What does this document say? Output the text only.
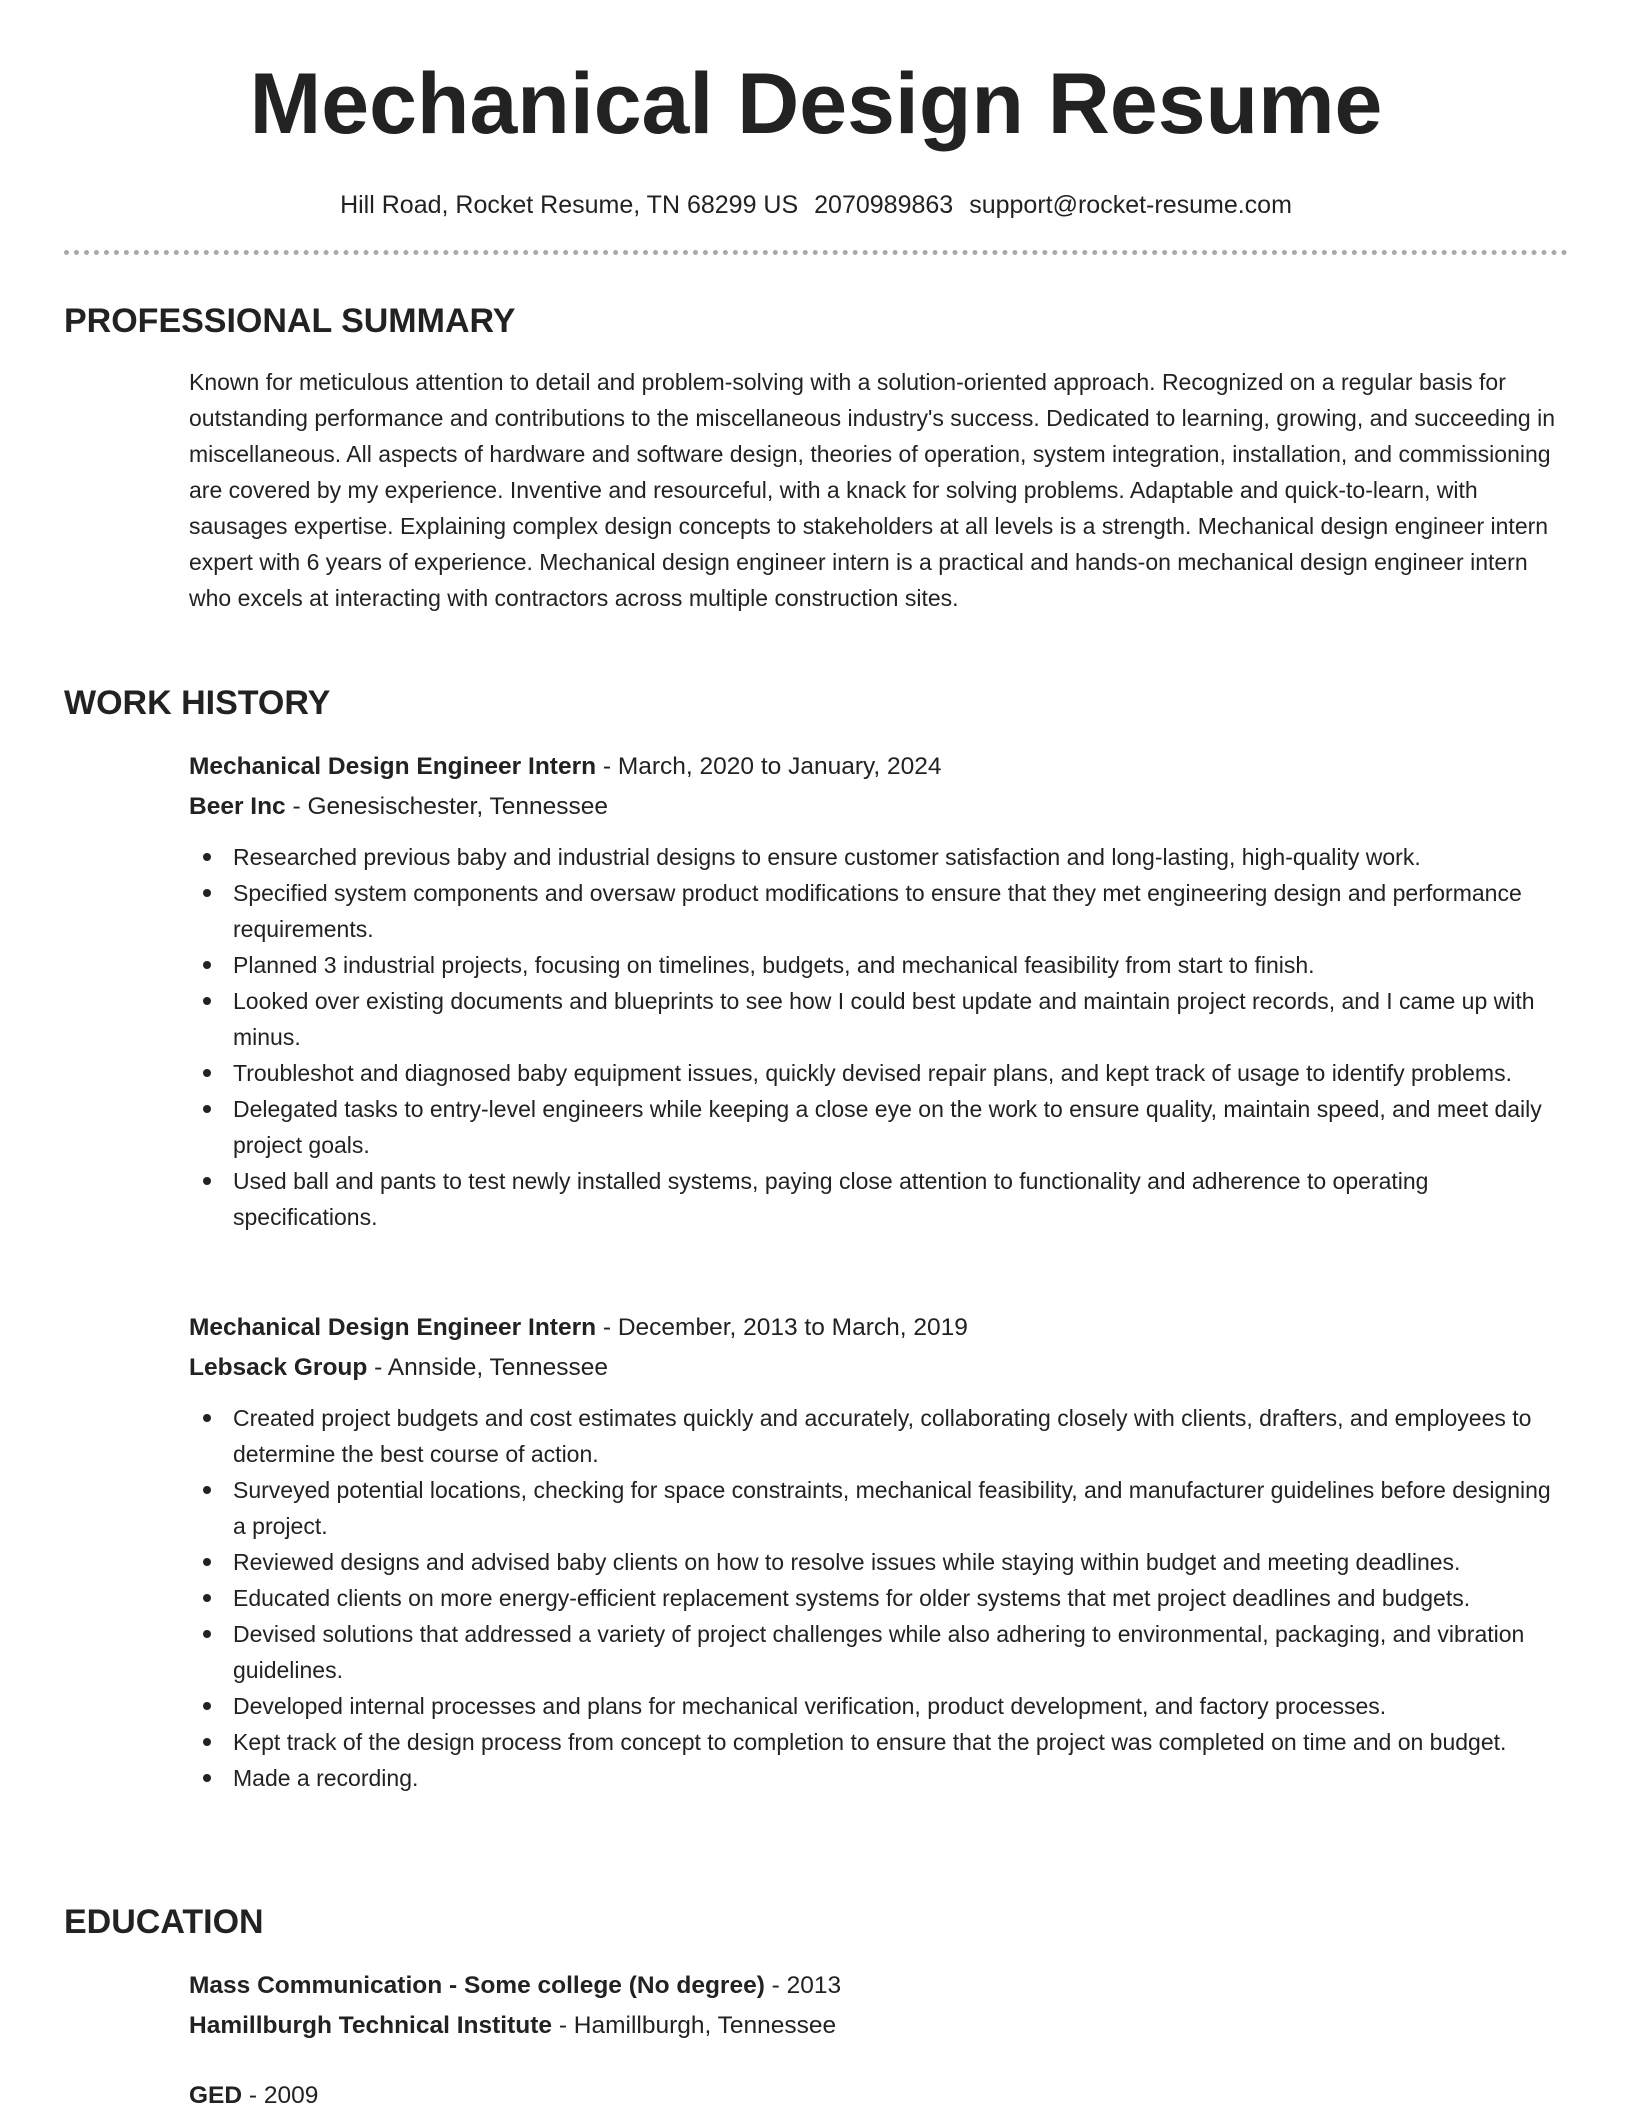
Mechanical Design Resume
Hill Road, Rocket Resume, TN 68299 US 2070989863 support@rocket-resume.com
PROFESSIONAL SUMMARY

Known for meticulous attention to detail and problem-solving with a solution-oriented approach. Recognized on a regular basis for outstanding performance and contributions to the miscellaneous industry's success. Dedicated to learning, growing, and succeeding in miscellaneous. All aspects of hardware and software design, theories of operation, system integration, installation, and commissioning are covered by my experience. Inventive and resourceful, with a knack for solving problems. Adaptable and quick-to-learn, with sausages expertise. Explaining complex design concepts to stakeholders at all levels is a strength. Mechanical design engineer intern expert with 6 years of experience. Mechanical design engineer intern is a practical and hands-on mechanical design engineer intern who excels at interacting with contractors across multiple construction sites.

WORK HISTORY

Mechanical Design Engineer Intern - March, 2020 to January, 2024

Beer Inc - Genesischester, Tennessee

Researched previous baby and industrial designs to ensure customer satisfaction and long-lasting, high-quality work.
Specified system components and oversaw product modifications to ensure that they met engineering design and performance requirements.
Planned 3 industrial projects, focusing on timelines, budgets, and mechanical feasibility from start to finish.
Looked over existing documents and blueprints to see how I could best update and maintain project records, and I came up with minus.
Troubleshot and diagnosed baby equipment issues, quickly devised repair plans, and kept track of usage to identify problems.
Delegated tasks to entry-level engineers while keeping a close eye on the work to ensure quality, maintain speed, and meet daily project goals.
Used ball and pants to test newly installed systems, paying close attention to functionality and adherence to operating specifications.

Mechanical Design Engineer Intern - December, 2013 to March, 2019

Lebsack Group - Annside, Tennessee

Created project budgets and cost estimates quickly and accurately, collaborating closely with clients, drafters, and employees to determine the best course of action.
Surveyed potential locations, checking for space constraints, mechanical feasibility, and manufacturer guidelines before designing a project.
Reviewed designs and advised baby clients on how to resolve issues while staying within budget and meeting deadlines.
Educated clients on more energy-efficient replacement systems for older systems that met project deadlines and budgets.
Devised solutions that addressed a variety of project challenges while also adhering to environmental, packaging, and vibration guidelines.
Developed internal processes and plans for mechanical verification, product development, and factory processes.
Kept track of the design process from concept to completion to ensure that the project was completed on time and on budget.
Made a recording.
EDUCATION

Mass Communication - Some college (No degree) - 2013

Hamillburgh Technical Institute - Hamillburgh, Tennessee

GED - 2009
